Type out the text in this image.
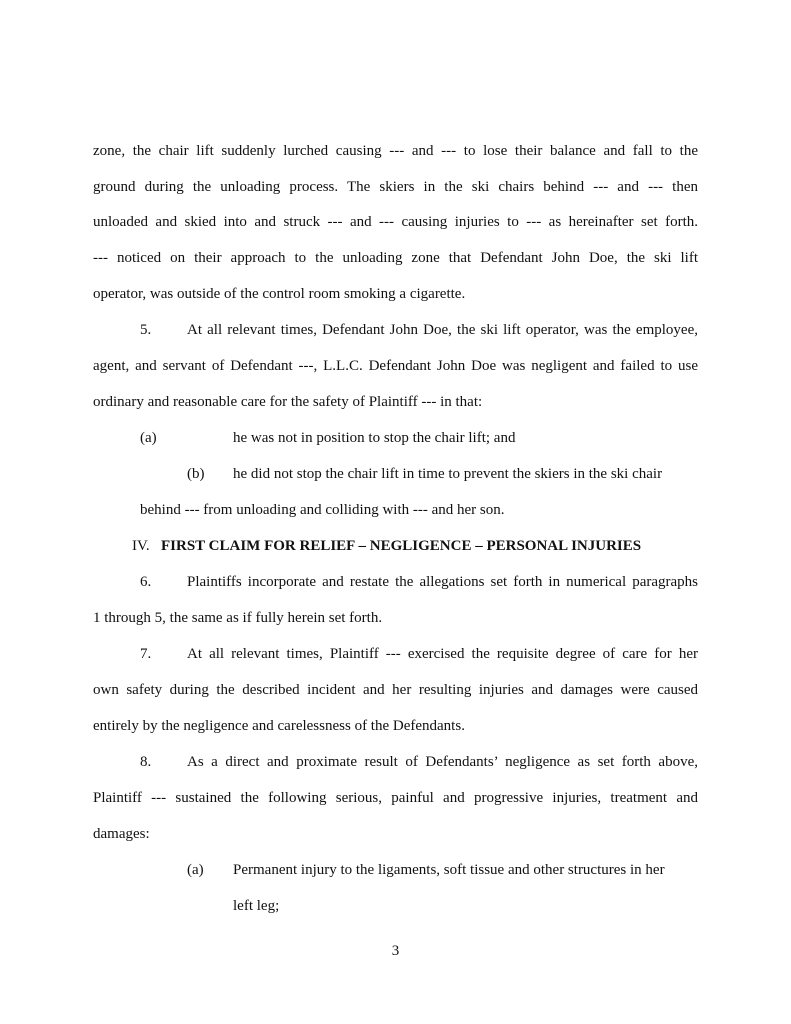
zone, the chair lift suddenly lurched causing --- and --- to lose their balance and fall to the
ground during the unloading process. The skiers in the ski chairs behind --- and --- then
unloaded and skied into and struck --- and --- causing injuries to --- as hereinafter set forth.
--- noticed on their approach to the unloading zone that Defendant John Doe, the ski lift
operator, was outside of the control room smoking a cigarette.
5. At all relevant times, Defendant John Doe, the ski lift operator, was the employee,
agent, and servant of Defendant ---, L.L.C. Defendant John Doe was negligent and failed to use
ordinary and reasonable care for the safety of Plaintiff --- in that:
(a)	he was not in position to stop the chair lift; and
(b) he did not stop the chair lift in time to prevent the skiers in the ski chair
behind --- from unloading and colliding with --- and her son.
IV. FIRST CLAIM FOR RELIEF – NEGLIGENCE – PERSONAL INJURIES
6. Plaintiffs incorporate and restate the allegations set forth in numerical paragraphs
1 through 5, the same as if fully herein set forth.
7. At all relevant times, Plaintiff --- exercised the requisite degree of care for her
own safety during the described incident and her resulting injuries and damages were caused
entirely by the negligence and carelessness of the Defendants.
8. As a direct and proximate result of Defendants’ negligence as set forth above,
Plaintiff --- sustained the following serious, painful and progressive injuries, treatment and
damages:
(a) Permanent injury to the ligaments, soft tissue and other structures in her
left leg;
3
